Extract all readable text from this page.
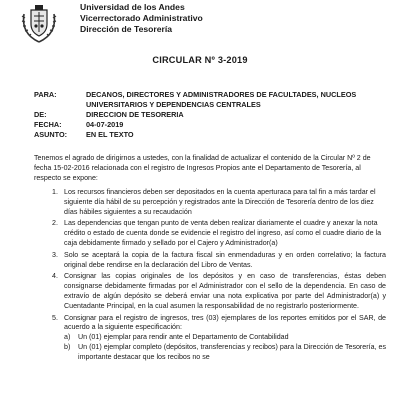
Universidad de los Andes
Vicerrectorado Administrativo
Dirección de Tesorería
CIRCULAR Nº 3-2019
PARA:	DECANOS, DIRECTORES Y ADMINISTRADORES DE FACULTADES, NUCLEOS UNIVERSITARIOS Y DEPENDENCIAS CENTRALES
DE:	DIRECCION DE TESORERIA
FECHA:	04-07-2019
ASUNTO:	EN EL TEXTO
Tenemos el agrado de dirigirnos a ustedes, con la finalidad de actualizar el contenido de la Circular Nº 2 de fecha 15-02-2016 relacionada con el registro de Ingresos Propios ante el Departamento de Tesorería, al respecto se expone:
1. Los recursos financieros deben ser depositados en la cuenta aperturaca para tal fin a más tardar el siguiente día hábil de su percepción y registrados ante la Dirección de Tesorería dentro de los diez días hábiles siguientes a su recaudación
2. Las dependencias que tengan punto de venta deben realizar diariamente el cuadre y anexar la nota crédito o estado de cuenta donde se evidencie el registro del ingreso, así como el cuadre diario de la caja debidamente firmado y sellado por el Cajero y Administrador(a)
3. Solo se aceptará la copia de la factura fiscal sin enmendaduras y en orden correlativo; la factura original debe rendirse en la declaración del Libro de Ventas.
4. Consignar las copias originales de los depósitos y en caso de transferencias, éstas deben consignarse debidamente firmadas por el Administrador con el sello de la dependencia. En caso de extravío de algún depósito se deberá enviar una nota explicativa por parte del Administrador(a) y Cuentadante Principal, en la cual asumen la responsabilidad de no registrarlo posteriormente.
5. Consignar para el registro de ingresos, tres (03) ejemplares de los reportes emitidos por el SAR, de acuerdo a la siguiente especificación:
a) Un (01) ejemplar para rendir ante el Departamento de Contabilidad
b) Un (01) ejemplar completo (depósitos, transferencias y recibos) para la Dirección de Tesorería, es importante destacar que los recibos no se
